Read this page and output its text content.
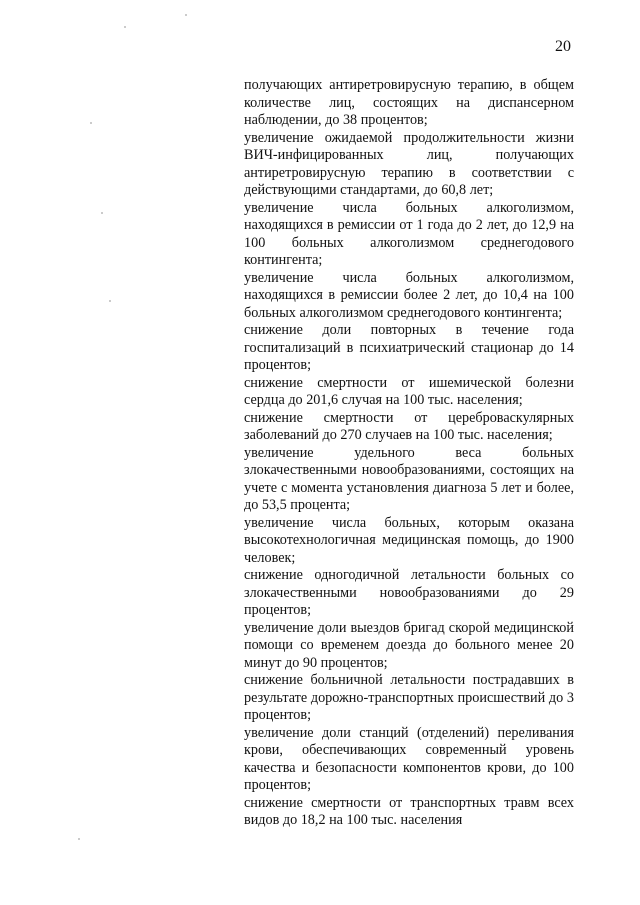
20

получающих антиретровирусную терапию, в общем количестве лиц, состоящих на диспансерном наблюдении, до 38 процентов;

увеличение ожидаемой продолжительности жизни ВИЧ-инфицированных лиц, получающих антиретровирусную терапию в соответствии с действующими стандартами, до 60,8 лет;

увеличение числа больных алкоголизмом, находящихся в ремиссии от 1 года до 2 лет, до 12,9 на 100 больных алкоголизмом среднегодового контингента;

увеличение числа больных алкоголизмом, находящихся в ремиссии более 2 лет, до 10,4 на 100 больных алкоголизмом среднегодового контингента;

снижение доли повторных в течение года госпитализаций в психиатрический стационар до 14 процентов;

снижение смертности от ишемической болезни сердца до 201,6 случая на 100 тыс. населения;

снижение смертности от цереброваскулярных заболеваний до 270 случаев на 100 тыс. населения;

увеличение удельного веса больных злокачественными новообразованиями, состоящих на учете с момента установления диагноза 5 лет и более, до 53,5 процента;

увеличение числа больных, которым оказана высокотехнологичная медицинская помощь, до 1900 человек;

снижение одногодичной летальности больных со злокачественными новообразованиями до 29 процентов;

увеличение доли выездов бригад скорой медицинской помощи со временем доезда до больного менее 20 минут до 90 процентов;

снижение больничной летальности пострадавших в результате дорожно-транспортных происшествий до 3 процентов;

увеличение доли станций (отделений) переливания крови, обеспечивающих современный уровень качества и безопасности компонентов крови, до 100 процентов;

снижение смертности от транспортных травм всех видов до 18,2 на 100 тыс. населения
